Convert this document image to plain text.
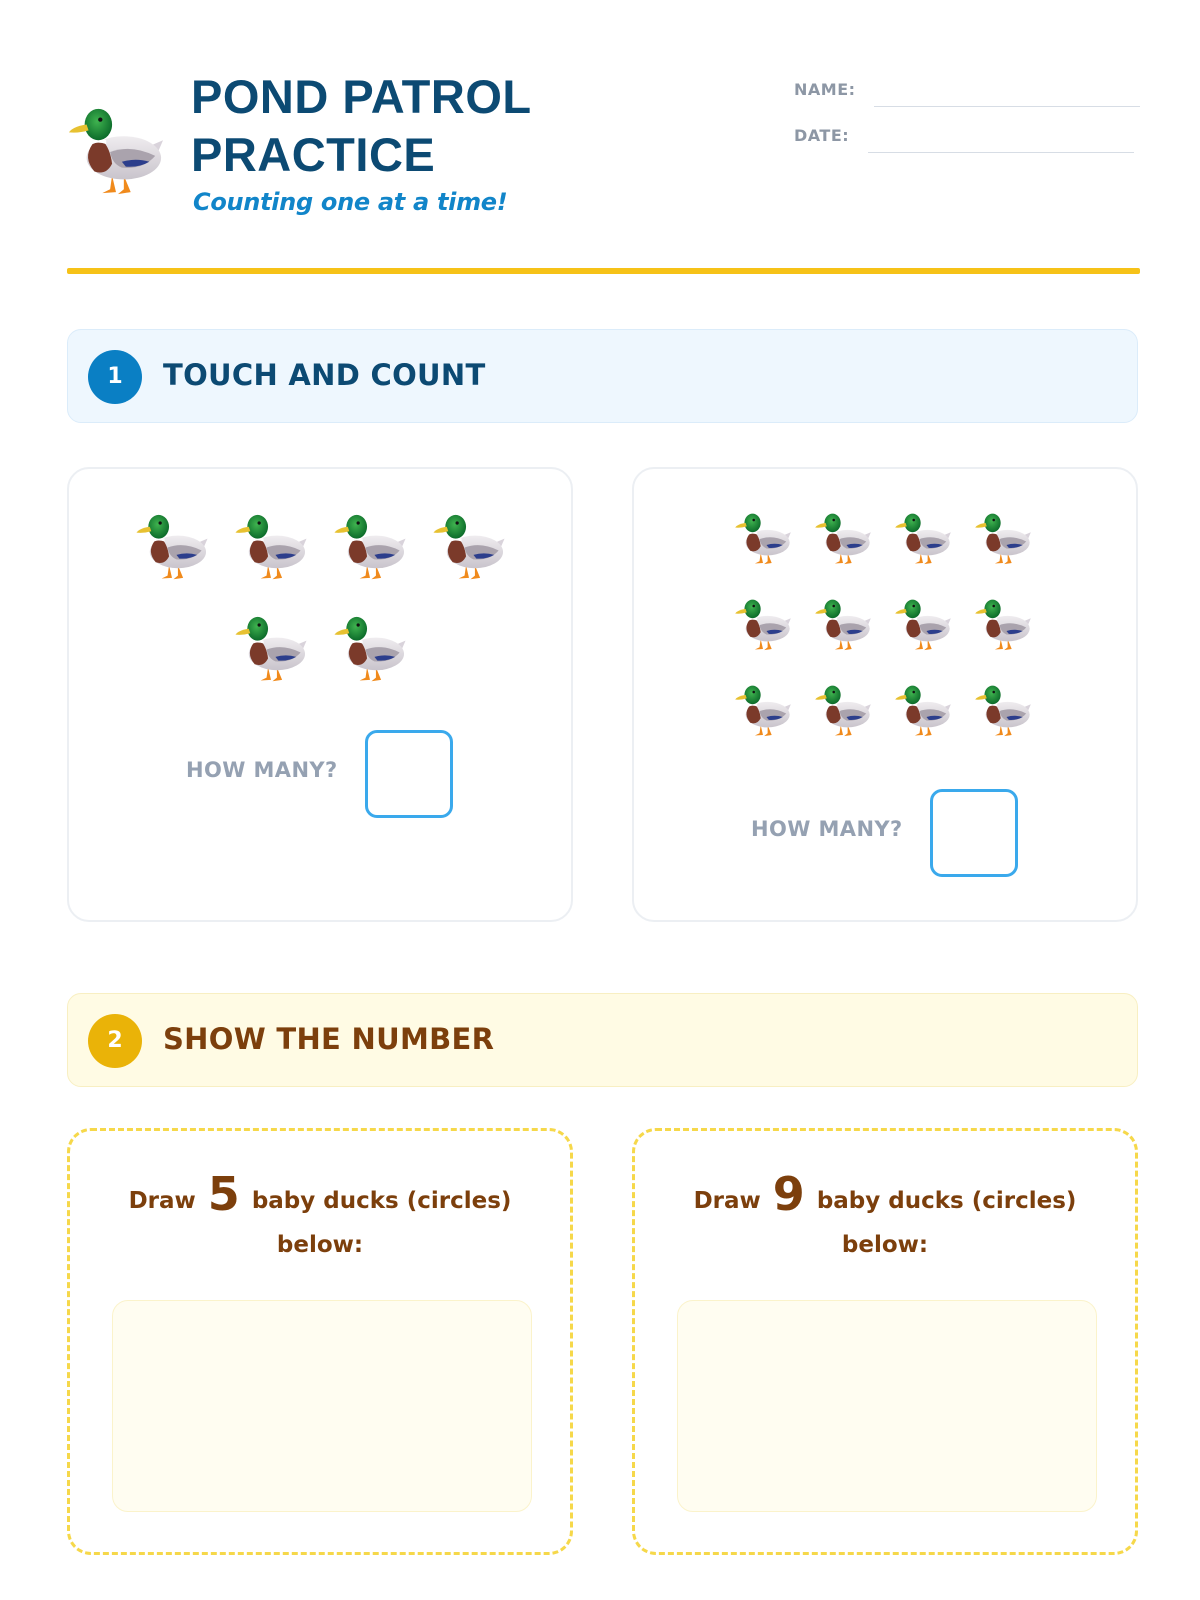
POND PATROL
PRACTICE
Counting one at a time!
NAME:
DATE:
1	TOUCH AND COUNT
HOW MANY?
HOW MANY?
2	SHOW THE NUMBER
Draw 5 baby ducks (circles)
below:
Draw 9 baby ducks (circles)
below:
